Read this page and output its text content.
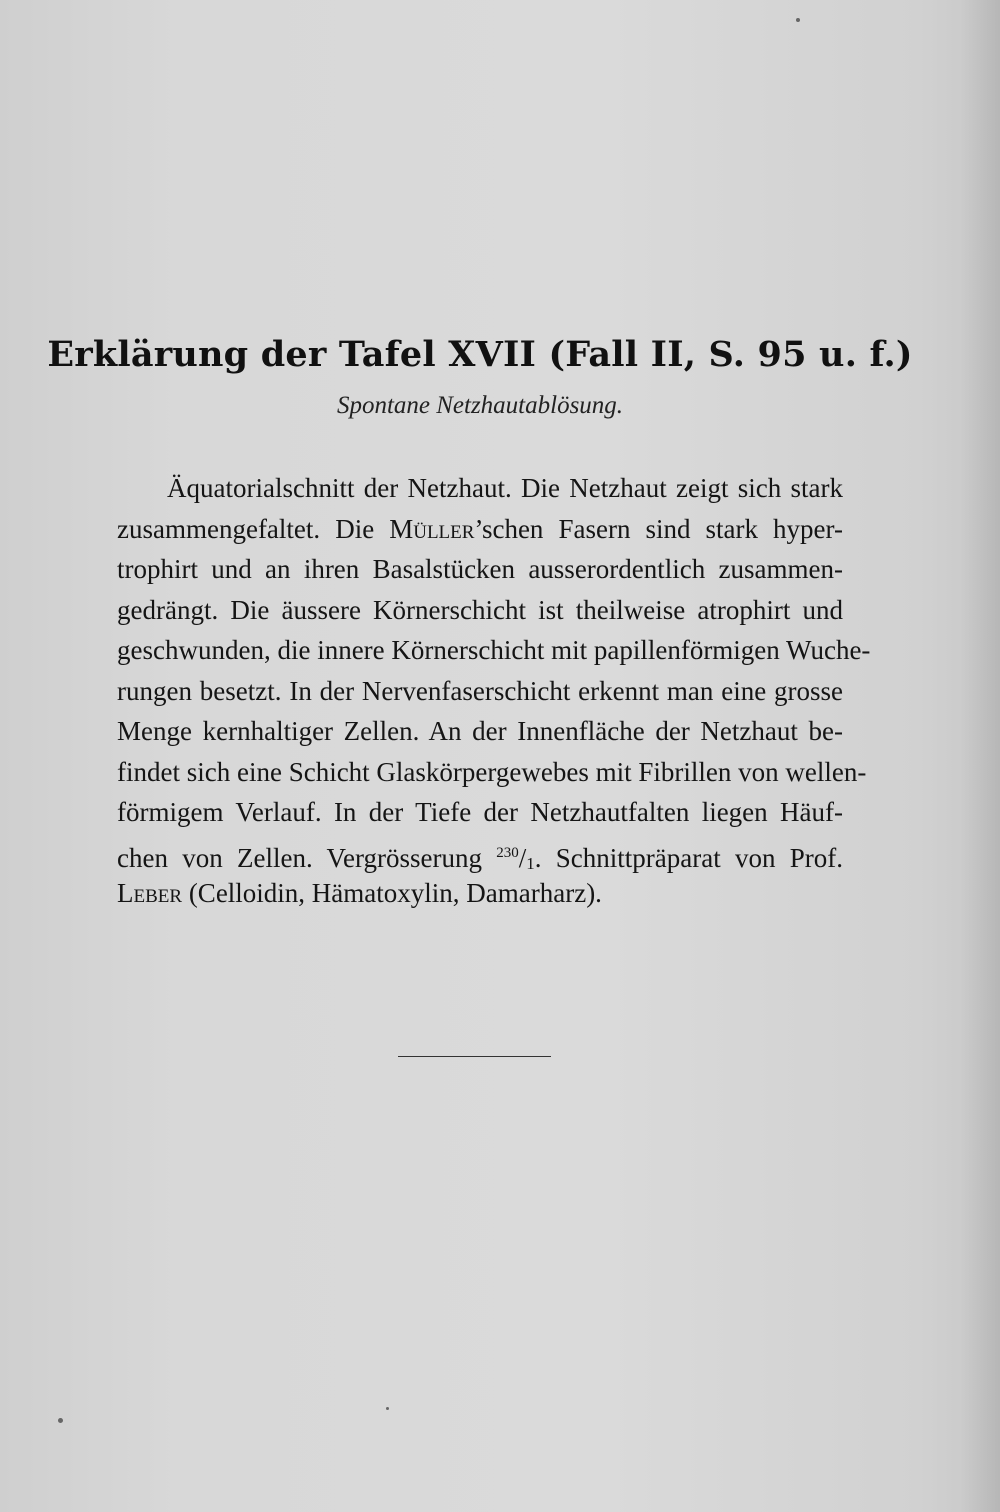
Erklärung der Tafel XVII (Fall II, S. 95 u. f.)
Spontane Netzhautablösung.
Äquatorialschnitt der Netzhaut. Die Netzhaut zeigt sich stark
zusammengefaltet. Die Müller’schen Fasern sind stark hyper-
trophirt und an ihren Basalstücken ausserordentlich zusammen-
gedrängt. Die äussere Körnerschicht ist theilweise atrophirt und
geschwunden, die innere Körnerschicht mit papillenförmigen Wuche-
rungen besetzt. In der Nervenfaserschicht erkennt man eine grosse
Menge kernhaltiger Zellen. An der Innenfläche der Netzhaut be-
findet sich eine Schicht Glaskörpergewebes mit Fibrillen von wellen-
förmigem Verlauf. In der Tiefe der Netzhautfalten liegen Häuf-
chen von Zellen. Vergrösserung $^{230}$/1. Schnittpräparat von Prof.
Leber (Celloidin, Hämatoxylin, Damarharz).
